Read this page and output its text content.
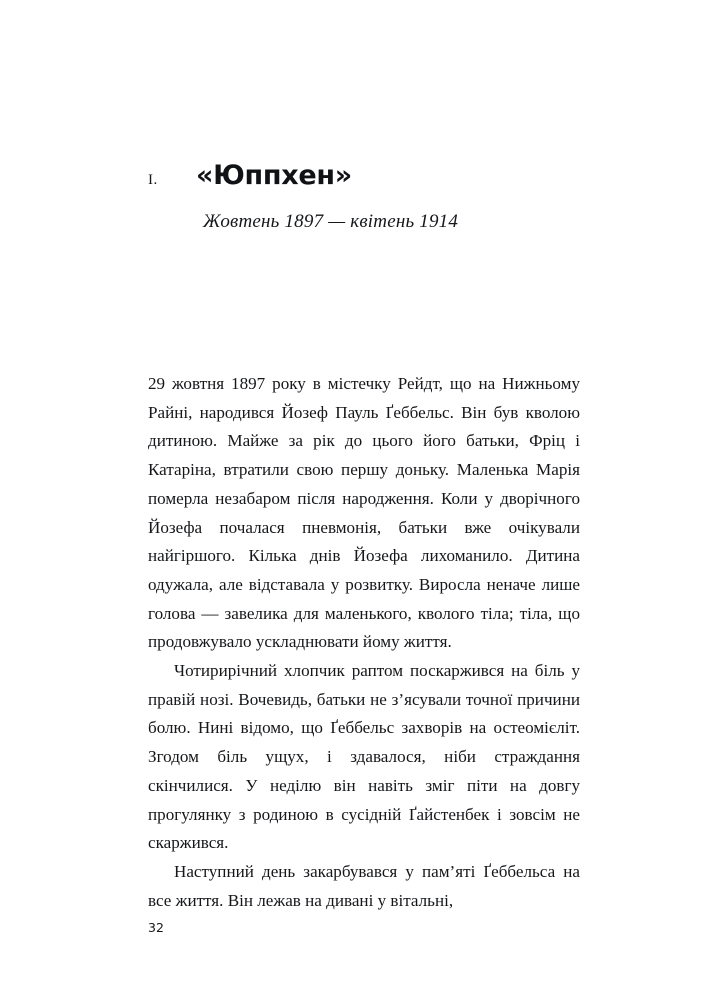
I.	«Юппхен»
Жовтень 1897 — квітень 1914

29 жовтня 1897 року в містечку Рейдт, що на Нижньому Райні, народився Йозеф Пауль Ґеббельс. Він був кволою дитиною. Майже за рік до цього його батьки, Фріц і Катаріна, втратили свою першу доньку. Маленька Марія померла незабаром після народження. Коли у дворічного Йозефа почалася пневмонія, батьки вже очікували найгіршого. Кілька днів Йозефа лихоманило. Дитина одужала, але відставала у розвитку. Виросла неначе лише голова — завелика для маленького, кволого тіла; тіла, що продовжувало ускладнювати йому життя.

Чотирирічний хлопчик раптом поскаржився на біль у правій нозі. Вочевидь, батьки не з’ясували точної причини болю. Нині відомо, що Ґеббельс захворів на остеомієліт. Згодом біль ущух, і здавалося, ніби страждання скінчилися. У неділю він навіть зміг піти на довгу прогулянку з родиною в сусідній Ґайстенбек і зовсім не скаржився.

Наступний день закарбувався у пам’яті Ґеббельса на все життя. Він лежав на дивані у вітальні,

32
